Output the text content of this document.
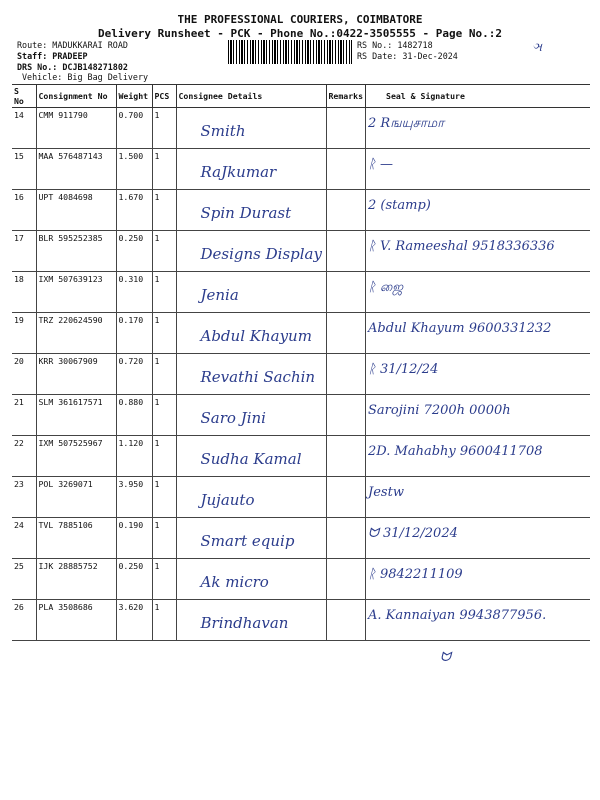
THE PROFESSIONAL COURIERS, COIMBATORE
Delivery Runsheet - PCK - Phone No.:0422-3505555 - Page No.:2
Route: MADUKKARAI ROAD
Staff: PRADEEP
DRS No.: DCJB148271802
Vehicle: Big Bag Delivery
RS No.: 1482718
RS Date: 31-Dec-2024
ઞ
S No	Consignment No	Weight	PCS	Consignee Details	Remarks	Seal & Signature
14	CMM 911790	0.700	1	Smith		2 Rஙயுசாமா

15	MAA 576487143	1.500	1	RaJkumar		ᚱ —

16	UPT 4084698	1.670	1	Spin Durast		2 (stamp)

17	BLR 595252385	0.250	1	Designs Display		ᚱ V. Rameeshal 9518336336

18	IXM 507639123	0.310	1	Jenia		ᚱ ஜை

19	TRZ 220624590	0.170	1	Abdul Khayum		Abdul Khayum 9600331232

20	KRR 30067909	0.720	1	Revathi Sachin		ᚱ 31/12/24

21	SLM 361617571	0.880	1	Saro Jini		Sarojini 7200h 0000h

22	IXM 507525967	1.120	1	Sudha Kamal		2D. Mahabhy 9600411708

23	POL 3269071	3.950	1	Jujauto		Jestw

24	TVL 7885106	0.190	1	Smart equip		ᗢ 31/12/2024

25	IJK 28885752	0.250	1	Ak micro		ᚱ 9842211109

26	PLA 3508686	3.620	1	Brindhavan		A. Kannaiyan 9943877956.
ᗢ
